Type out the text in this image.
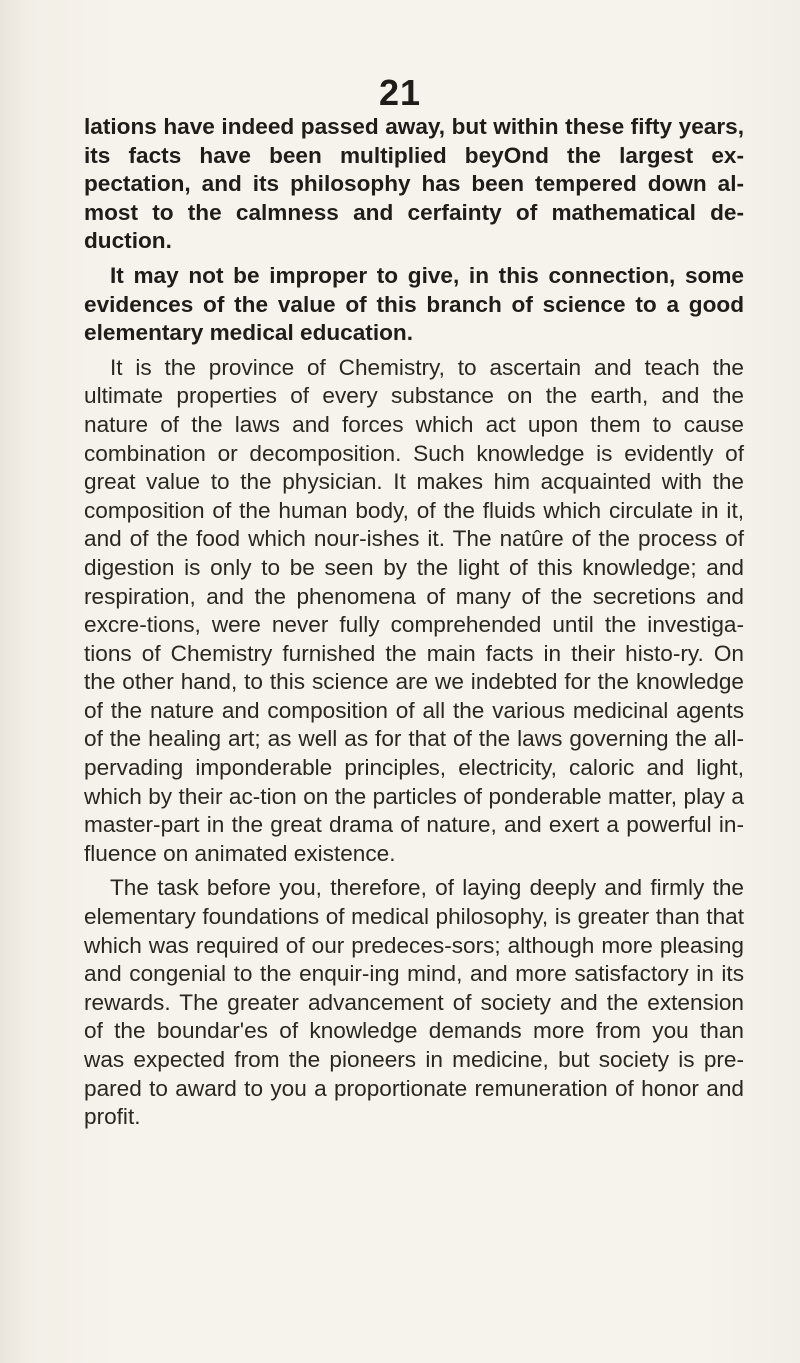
21

lations have indeed passed away, but within these fifty years, its facts have been multiplied beyOnd the largest ex-pectation, and its philosophy has been tempered down al-most to the calmness and cerfainty of mathematical de-duction.

It may not be improper to give, in this connection, some evidences of the value of this branch of science to a good elementary medical education.

It is the province of Chemistry, to ascertain and teach the ultimate properties of every substance on the earth, and the nature of the laws and forces which act upon them to cause combination or decomposition. Such knowledge is evidently of great value to the physician. It makes him acquainted with the composition of the human body, of the fluids which circulate in it, and of the food which nour-ishes it. The natûre of the process of digestion is only to be seen by the light of this knowledge; and respiration, and the phenomena of many of the secretions and excre-tions, were never fully comprehended until the investiga-tions of Chemistry furnished the main facts in their histo-ry. On the other hand, to this science are we indebted for the knowledge of the nature and composition of all the various medicinal agents of the healing art; as well as for that of the laws governing the all-pervading imponderable principles, electricity, caloric and light, which by their ac-tion on the particles of ponderable matter, play a master-part in the great drama of nature, and exert a powerful in-fluence on animated existence.

The task before you, therefore, of laying deeply and firmly the elementary foundations of medical philosophy, is greater than that which was required of our predeces-sors; although more pleasing and congenial to the enquir-ing mind, and more satisfactory in its rewards. The greater advancement of society and the extension of the boundar'es of knowledge demands more from you than was expected from the pioneers in medicine, but society is pre-pared to award to you a proportionate remuneration of honor and profit.
